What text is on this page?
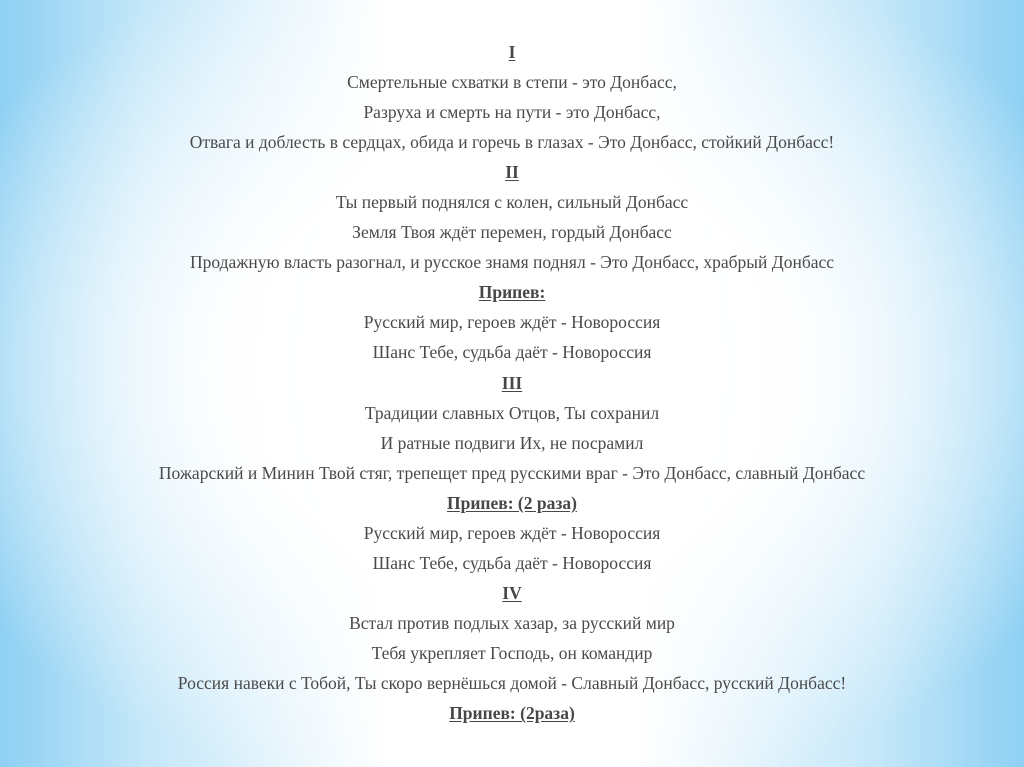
I
Смертельные схватки в степи - это Донбасс,
Разруха и смерть на пути - это Донбасс,
Отвага и доблесть в сердцах, обида и горечь в глазах - Это Донбасс, стойкий Донбасс!
II
Ты первый поднялся с колен, сильный Донбасс
Земля Твоя ждёт перемен, гордый Донбасс
Продажную власть разогнал, и русское знамя поднял - Это Донбасс, храбрый Донбасс
Припев:
Русский мир, героев ждёт - Новороссия
Шанс Тебе, судьба даёт - Новороссия
III
Традиции славных Отцов, Ты сохранил
И ратные подвиги Их, не посрамил
Пожарский и Минин Твой стяг, трепещет пред русскими враг - Это Донбасс, славный Донбасс
Припев: (2 раза)
Русский мир, героев ждёт - Новороссия
Шанс Тебе, судьба даёт - Новороссия
IV
Встал против подлых хазар, за русский мир
Тебя укрепляет Господь, он командир
Россия навеки с Тобой, Ты скоро вернёшься домой - Славный Донбасс, русский Донбасс!
Припев: (2раза)
